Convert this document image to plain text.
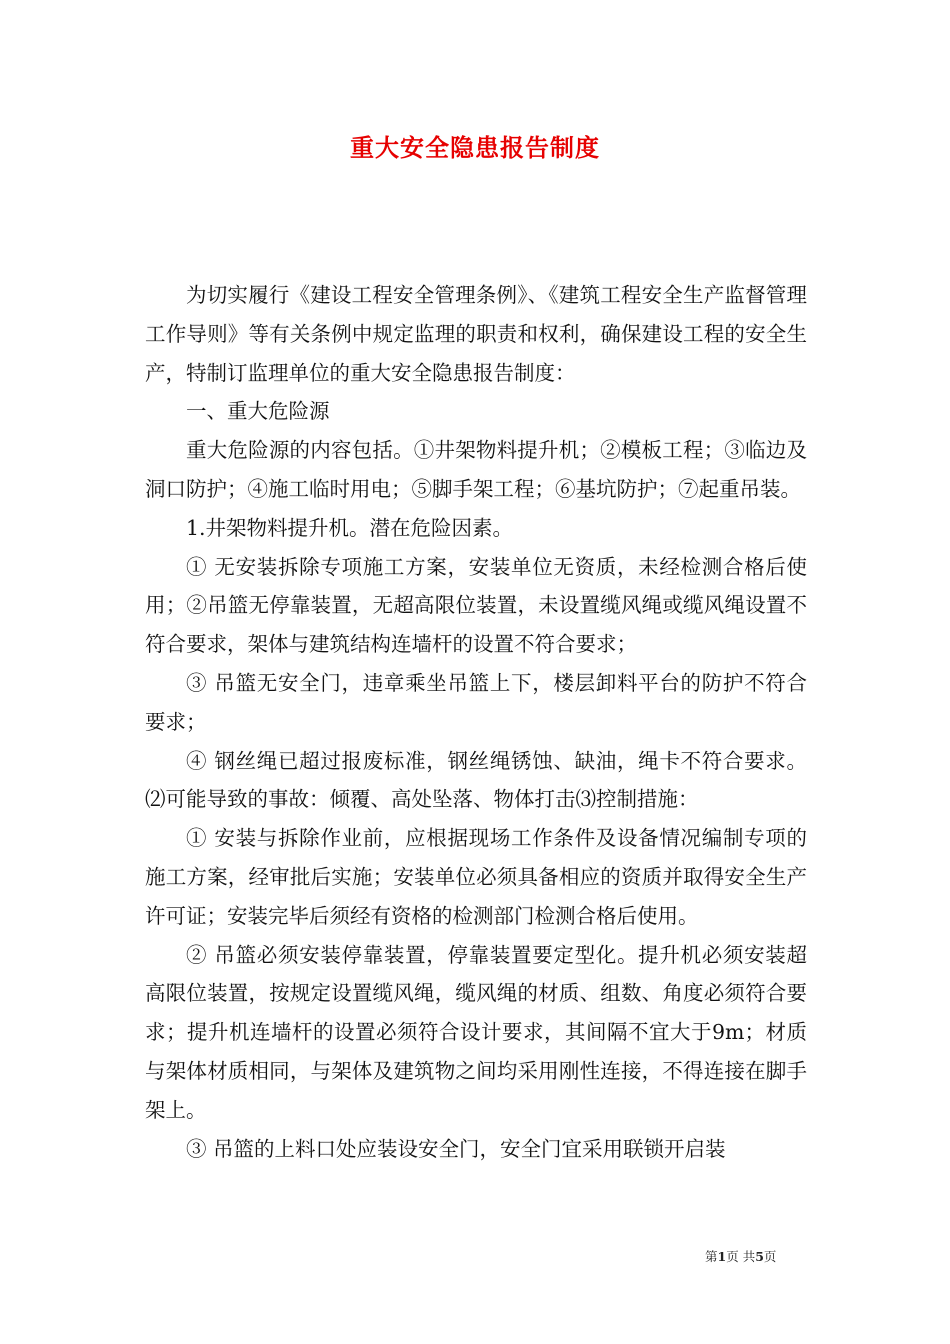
重大安全隐患报告制度

为切实履行《建设工程安全管理条例》、《建筑工程安全生产监督管理工作导则》等有关条例中规定监理的职责和权利，确保建设工程的安全生产，特制订监理单位的重大安全隐患报告制度：

一、重大危险源

重大危险源的内容包括。①井架物料提升机；②模板工程；③临边及洞口防护；④施工临时用电；⑤脚手架工程；⑥基坑防护；⑦起重吊装。

1.井架物料提升机。潜在危险因素。

① 无安装拆除专项施工方案，安装单位无资质，未经检测合格后使用；②吊篮无停靠装置，无超高限位装置，未设置缆风绳或缆风绳设置不符合要求，架体与建筑结构连墙杆的设置不符合要求；

③ 吊篮无安全门，违章乘坐吊篮上下，楼层卸料平台的防护不符合要求；

④ 钢丝绳已超过报废标准，钢丝绳锈蚀、缺油，绳卡不符合要求。⑵可能导致的事故：倾覆、高处坠落、物体打击⑶控制措施：

① 安装与拆除作业前，应根据现场工作条件及设备情况编制专项的施工方案，经审批后实施；安装单位必须具备相应的资质并取得安全生产许可证；安装完毕后须经有资格的检测部门检测合格后使用。

② 吊篮必须安装停靠装置，停靠装置要定型化。提升机必须安装超高限位装置，按规定设置缆风绳，缆风绳的材质、组数、角度必须符合要求；提升机连墙杆的设置必须符合设计要求，其间隔不宜大于9m；材质与架体材质相同，与架体及建筑物之间均采用刚性连接，不得连接在脚手架上。

③ 吊篮的上料口处应装设安全门，安全门宜采用联锁开启装

第1页 共5页
